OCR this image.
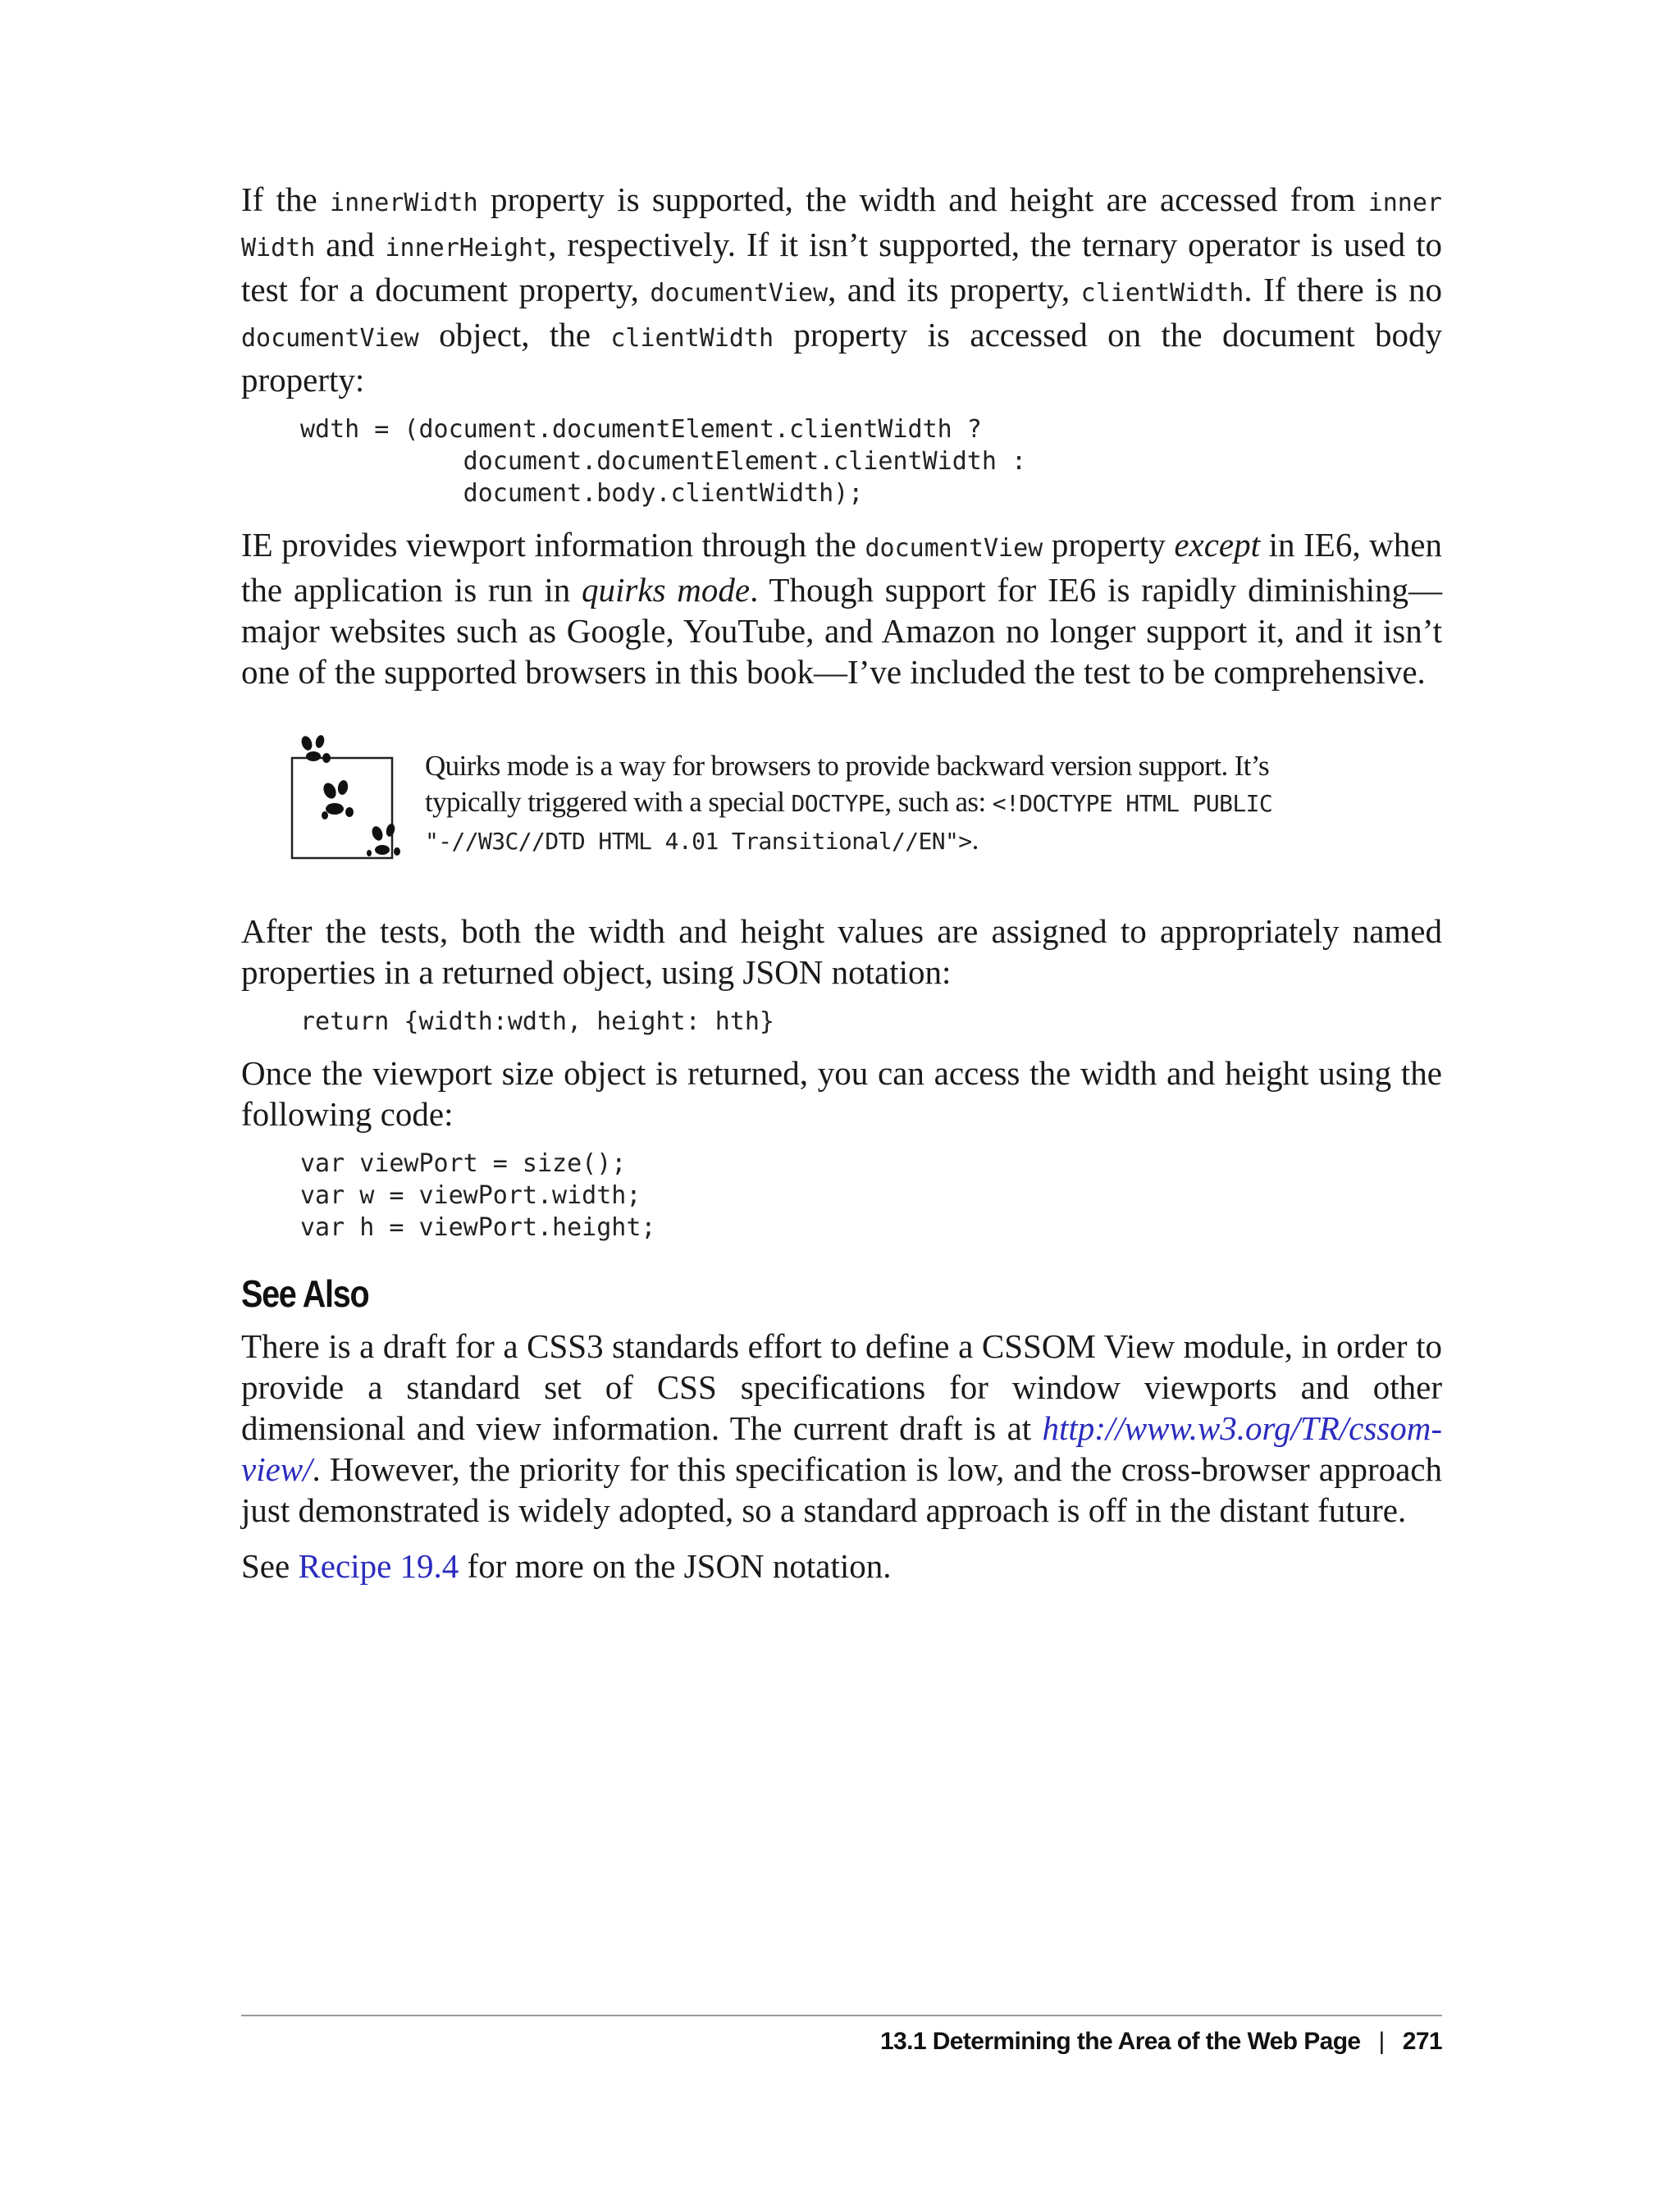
If the innerWidth property is supported, the width and height are accessed from inner Width and innerHeight, respectively. If it isn’t supported, the ternary operator is used to test for a document property, documentView, and its property, clientWidth. If there is no documentView object, the clientWidth property is accessed on the document body property:

wdth = (document.documentElement.clientWidth ?
document.documentElement.clientWidth :
document.body.clientWidth);

IE provides viewport information through the documentView property except in IE6, when the application is run in quirks mode. Though support for IE6 is rapidly diminishing—major websites such as Google, YouTube, and Amazon no longer support it, and it isn’t one of the supported browsers in this book—I’ve included the test to be comprehensive.

Quirks mode is a way for browsers to provide backward version support. It’s typically triggered with a special DOCTYPE, such as: <!DOCTYPE HTML PUBLIC "-//W3C//DTD HTML 4.01 Transitional//EN">.

After the tests, both the width and height values are assigned to appropriately named properties in a returned object, using JSON notation:

return {width:wdth, height: hth}

Once the viewport size object is returned, you can access the width and height using the following code:

var viewPort = size();
var w = viewPort.width;
var h = viewPort.height;
See Also

There is a draft for a CSS3 standards effort to define a CSSOM View module, in order to provide a standard set of CSS specifications for window viewports and other dimensional and view information. The current draft is at http://www.w3.org/TR/cssom-view/. However, the priority for this specification is low, and the cross-browser approach just demonstrated is widely adopted, so a standard approach is off in the distant future.

See Recipe 19.4 for more on the JSON notation.

13.1 Determining the Area of the Web Page | 271
